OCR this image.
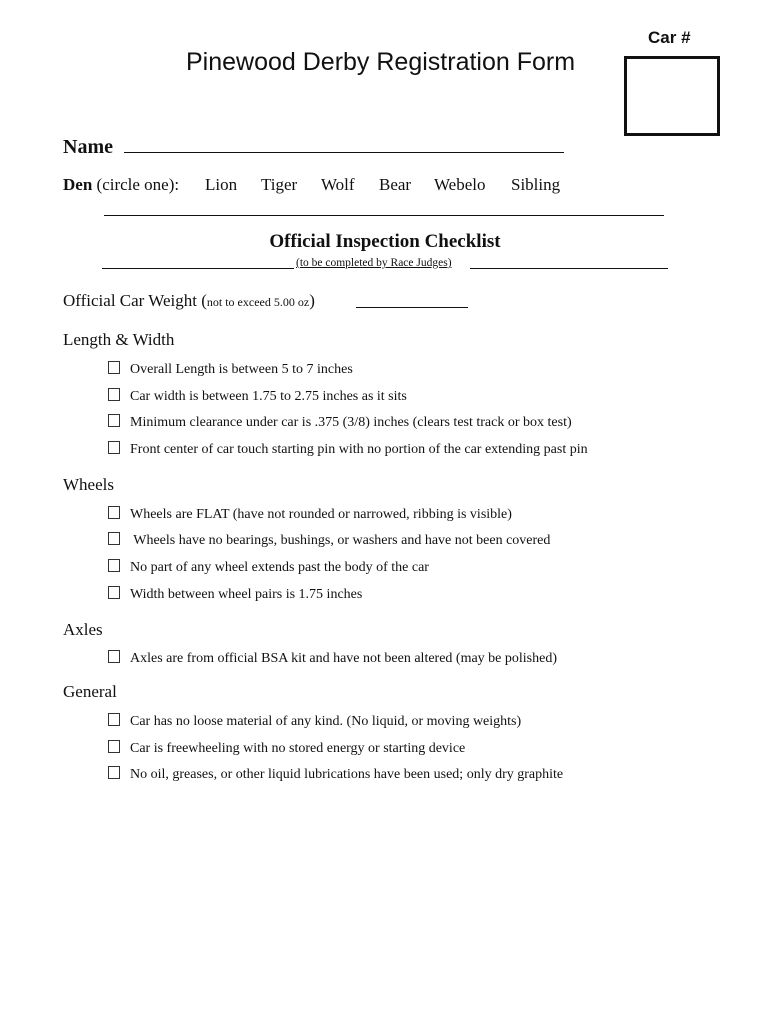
Car #
Pinewood Derby Registration Form
Name
Den (circle one): Lion Tiger Wolf Bear Webelo Sibling
Official Inspection Checklist
(to be completed by Race Judges)
Official Car Weight (not to exceed 5.00 oz)
Length & Width
Overall Length is between 5 to 7 inches
Car width is between 1.75 to 2.75 inches as it sits
Minimum clearance under car is .375 (3/8) inches (clears test track or box test)
Front center of car touch starting pin with no portion of the car extending past pin
Wheels
Wheels are FLAT (have not rounded or narrowed, ribbing is visible)
Wheels have no bearings, bushings, or washers and have not been covered
No part of any wheel extends past the body of the car
Width between wheel pairs is 1.75 inches
Axles
Axles are from official BSA kit and have not been altered (may be polished)
General
Car has no loose material of any kind. (No liquid, or moving weights)
Car is freewheeling with no stored energy or starting device
No oil, greases, or other liquid lubrications have been used; only dry graphite
